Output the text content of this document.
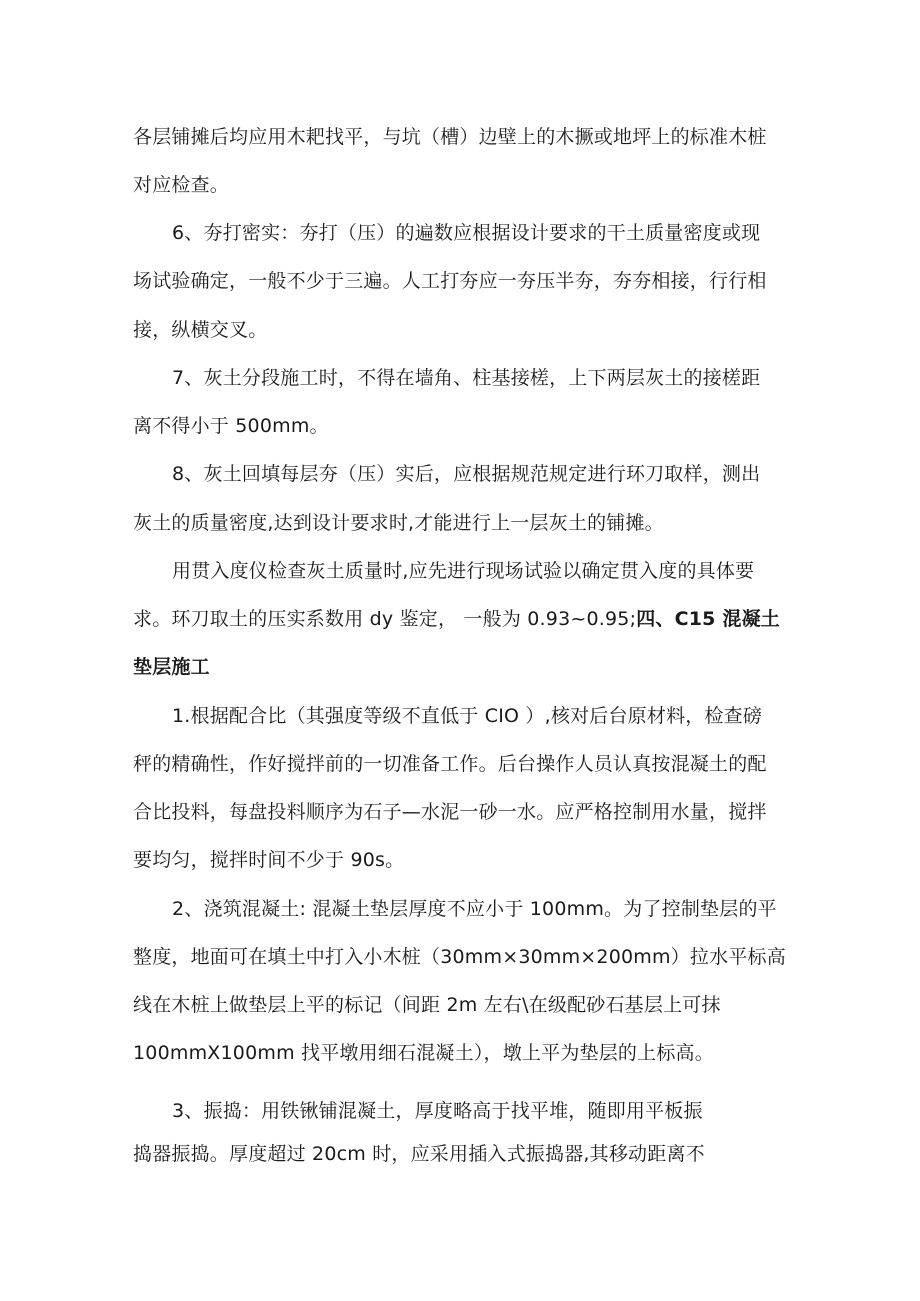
各层铺摊后均应用木耙找平，与坑（槽）边壁上的木撅或地坪上的标准木桩
对应检查。
6、夯打密实：夯打（压）的遍数应根据设计要求的干土质量密度或现
场试验确定，一般不少于三遍。人工打夯应一夯压半夯，夯夯相接，行行相
接，纵横交叉。
7、灰土分段施工时，不得在墙角、柱基接槎，上下两层灰土的接槎距
离不得小于 500mm。
8、灰土回填每层夯（压）实后，应根据规范规定进行环刀取样，测出
灰土的质量密度,达到设计要求时,才能进行上一层灰土的铺摊。
用贯入度仪检查灰土质量时,应先进行现场试验以确定贯入度的具体要
求。环刀取土的压实系数用 dy 鉴定， 一般为 0.93~0.95;四、C15 混凝土
垫层施工
1.根据配合比（其强度等级不直低于 CIO ）,核对后台原材料，检查磅
秤的精确性，作好搅拌前的一切准备工作。后台操作人员认真按混凝土的配
合比投料，每盘投料顺序为石子—水泥一砂一水。应严格控制用水量，搅拌
要均匀，搅拌时间不少于 90s。
2、浇筑混凝土: 混凝土垫层厚度不应小于 100mm。为了控制垫层的平
整度，地面可在填土中打入小木桩（30mm×30mm×200mm）拉水平标高
线在木桩上做垫层上平的标记（间距 2m 左右\在级配砂石基层上可抹
100mmX100mm 找平墩用细石混凝土），墩上平为垫层的上标高。
3、振捣：用铁锹铺混凝土，厚度略高于找平堆，随即用平板振
捣器振捣。厚度超过 20cm 时，应采用插入式振捣器,其移动距离不
